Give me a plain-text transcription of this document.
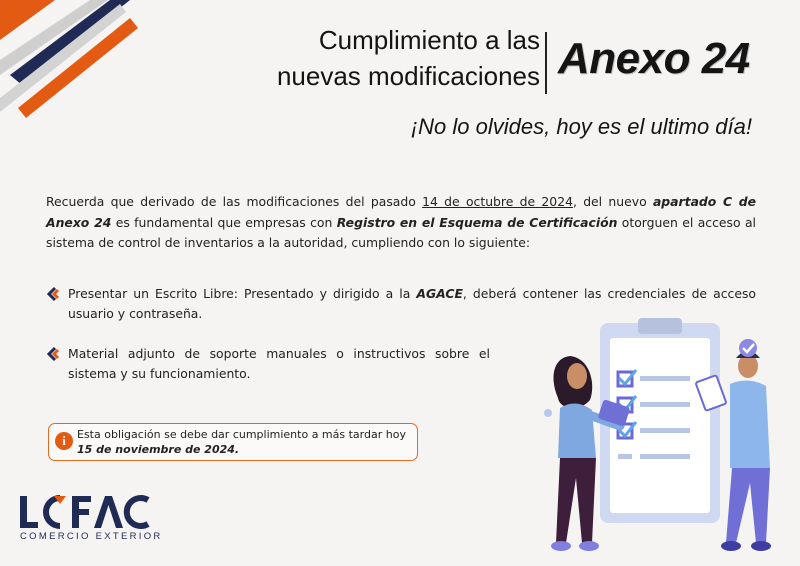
Cumplimiento a las
nuevas modificaciones Anexo 24
¡No lo olvides, hoy es el ultimo día!
Recuerda que derivado de las modificaciones del pasado 14 de octubre de 2024, del nuevo apartado C de Anexo 24 es fundamental que empresas con Registro en el Esquema de Certificación otorguen el acceso al sistema de control de inventarios a la autoridad, cumpliendo con lo siguiente:
Presentar un Escrito Libre: Presentado y dirigido a la AGACE, deberá contener las credenciales de acceso usuario y contraseña.
Material adjunto de soporte manuales o instructivos sobre el sistema y su funcionamiento.
i	Esta obligación se debe dar cumplimiento a más tardar hoy
15 de noviembre de 2024.
COMERCIO EXTERIOR
